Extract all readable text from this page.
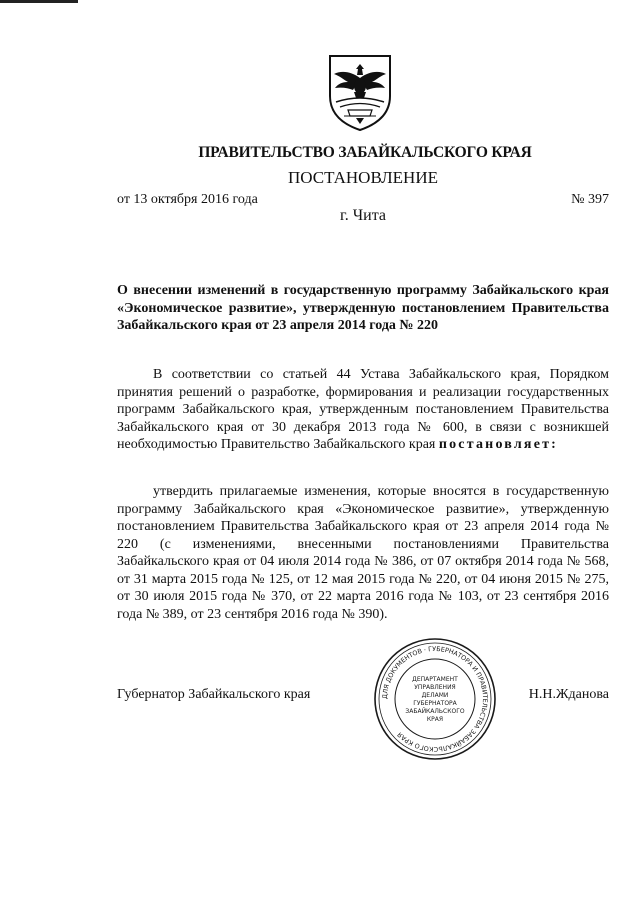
ПРАВИТЕЛЬСТВО ЗАБАЙКАЛЬСКОГО КРАЯ
ПОСТАНОВЛЕНИЕ
от 13 октября 2016 года	№ 397
г. Чита
О внесении изменений в государственную программу Забайкальского края «Экономическое развитие», утвержденную постановлением Правительства Забайкальского края от 23 апреля 2014 года № 220

В соответствии со статьей 44 Устава Забайкальского края, Порядком принятия решений о разработке, формирования и реализации государственных программ Забайкальского края, утвержденным постановлением Правительства Забайкальского края от 30 декабря 2013 года № 600, в связи с возникшей необходимостью Правительство Забайкальского края постановляет:

утвердить прилагаемые изменения, которые вносятся в государственную программу Забайкальского края «Экономическое развитие», утвержденную постановлением Правительства Забайкальского края от 23 апреля 2014 года № 220 (с изменениями, внесенными постановлениями Правительства Забайкальского края от 04 июля 2014 года № 386, от 07 октября 2014 года № 568, от 31 марта 2015 года № 125, от 12 мая 2015 года № 220, от 04 июня 2015 № 275, от 30 июля 2015 года № 370, от 22 марта 2016 года № 103, от 23 сентября 2016 года № 389, от 23 сентября 2016 года № 390).

Губернатор Забайкальского края	Н.Н.Жданова
ДЛЯ ДОКУМЕНТОВ · ГУБЕРНАТОРА И ПРАВИТЕЛЬСТВА ЗАБАЙКАЛЬСКОГО КРАЯ
ДЕПАРТАМЕНТ
УПРАВЛЕНИЯ
ДЕЛАМИ
ГУБЕРНАТОРА
ЗАБАЙКАЛЬСКОГО
КРАЯ
